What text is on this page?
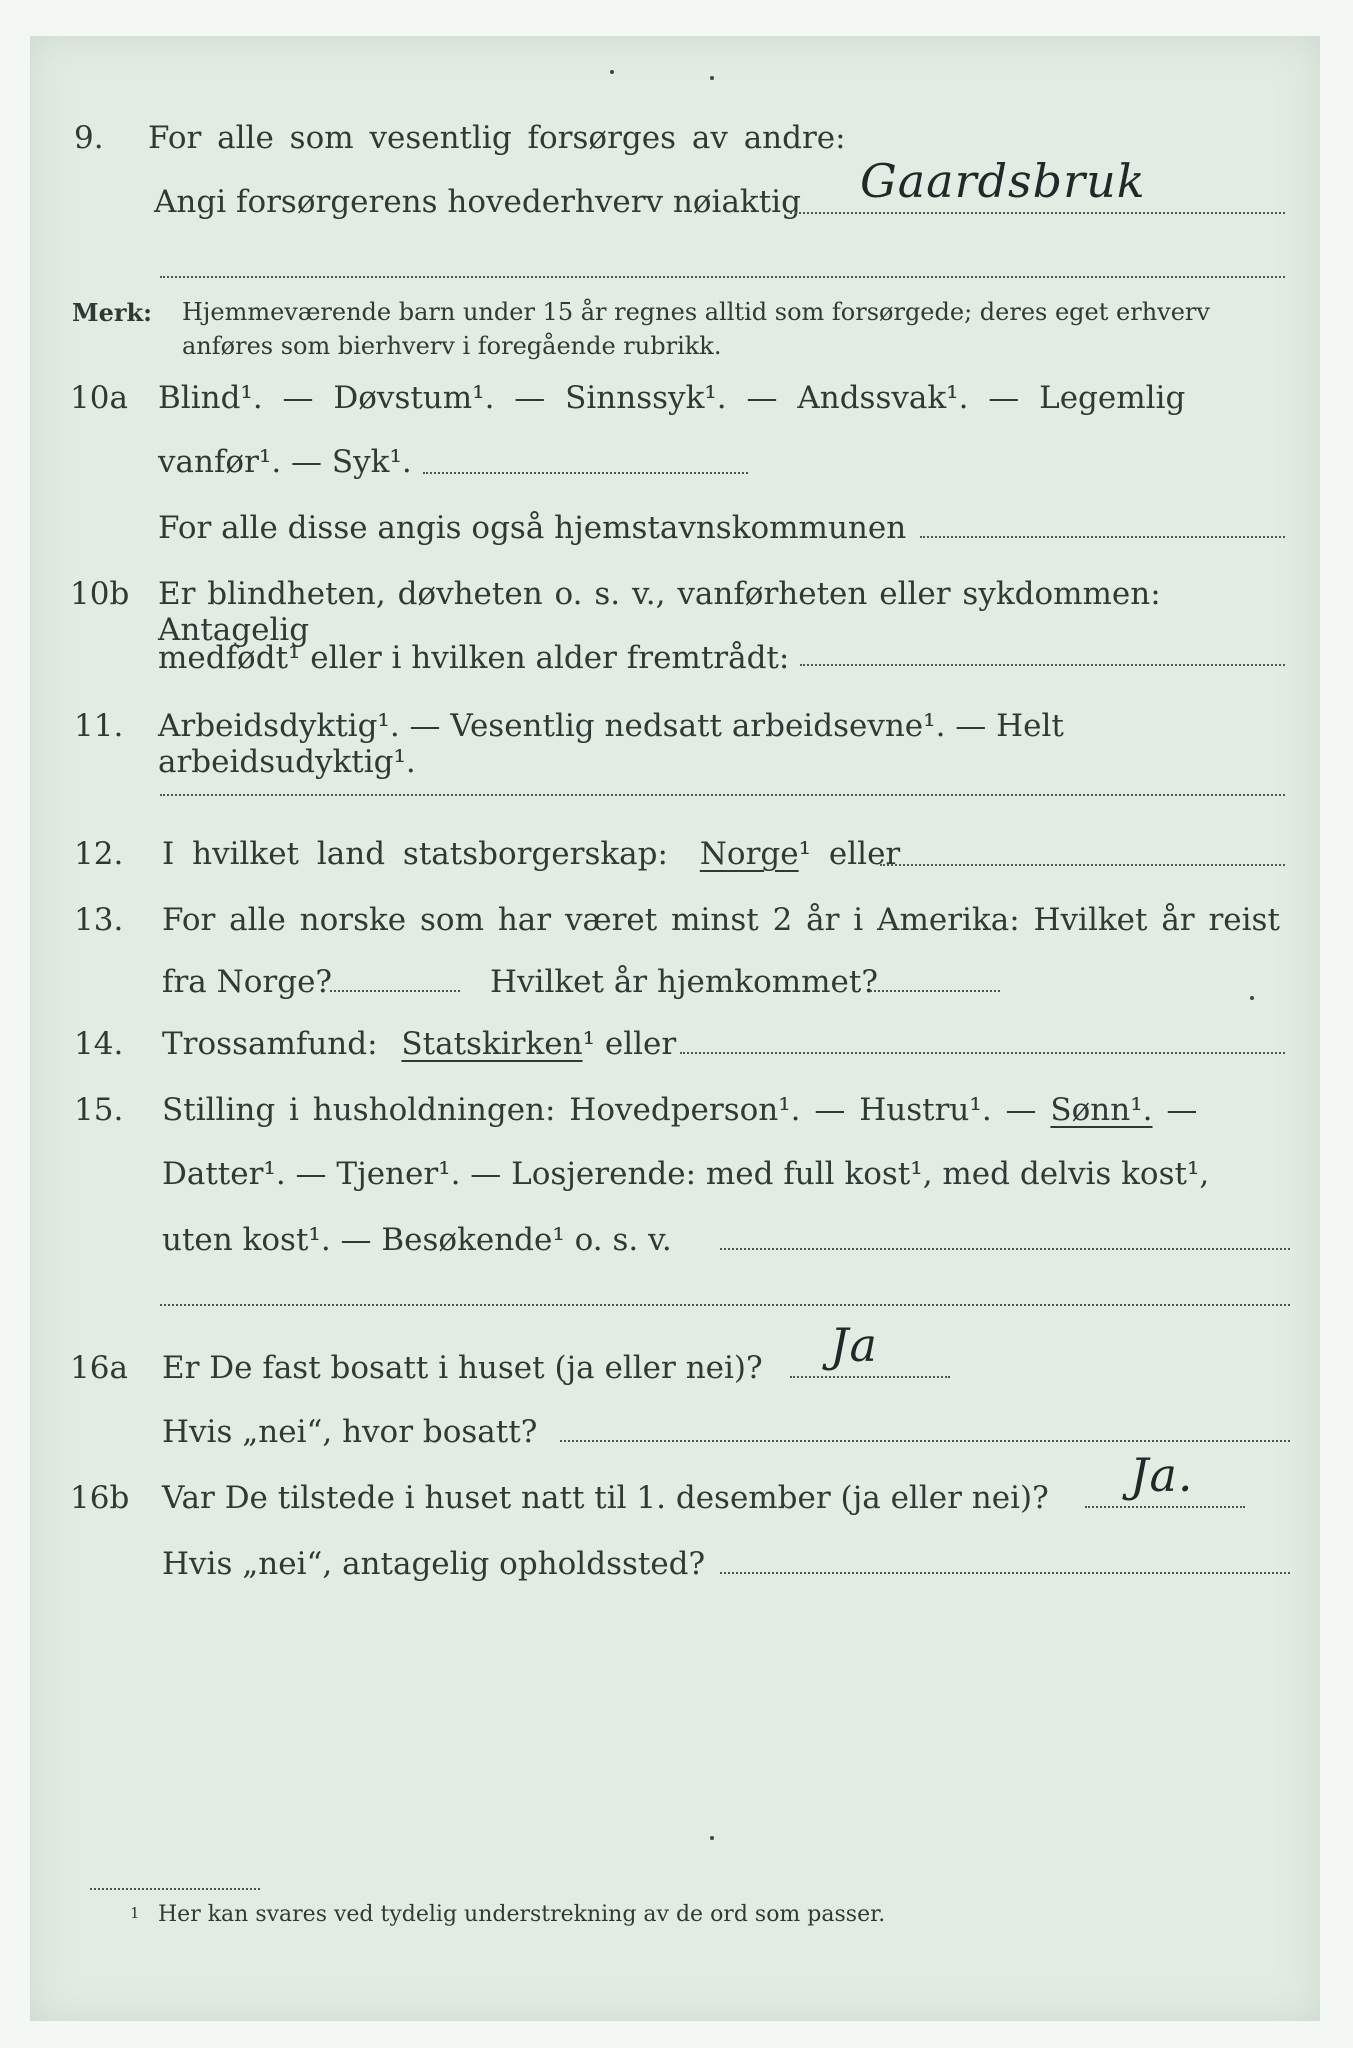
9. For alle som vesentlig forsørges av andre:
Angi forsørgerens hovederhverv nøiaktig Gaardsbruk
Merk: Hjemmeværende barn under 15 år regnes alltid som forsørgede; deres eget erhverv
anføres som bierhverv i foregående rubrikk.
10a Blind¹. — Døvstum¹. — Sinnssyk¹. — Andssvak¹. — Legemlig
vanfør¹. — Syk¹.
For alle disse angis også hjemstavnskommunen
10b Er blindheten, døvheten o. s. v., vanførheten eller sykdommen: Antagelig
medfødt¹ eller i hvilken alder fremtrådt:
11. Arbeidsdyktig¹. — Vesentlig nedsatt arbeidsevne¹. — Helt arbeidsudyktig¹.
12. I hvilket land statsborgerskap: Norge¹ eller
13. For alle norske som har været minst 2 år i Amerika: Hvilket år reist
fra Norge?	Hvilket år hjemkommet?
14. Trossamfund: Statskirken¹ eller
15. Stilling i husholdningen: Hovedperson¹. — Hustru¹. — Sønn¹. —
Datter¹. — Tjener¹. — Losjerende: med full kost¹, med delvis kost¹,
uten kost¹. — Besøkende¹ o. s. v.
16a Er De fast bosatt i huset (ja eller nei)? Ja
Hvis „nei“, hvor bosatt?
16b Var De tilstede i huset natt til 1. desember (ja eller nei)? Ja.
Hvis „nei“, antagelig opholdssted?
1 Her kan svares ved tydelig understrekning av de ord som passer.
